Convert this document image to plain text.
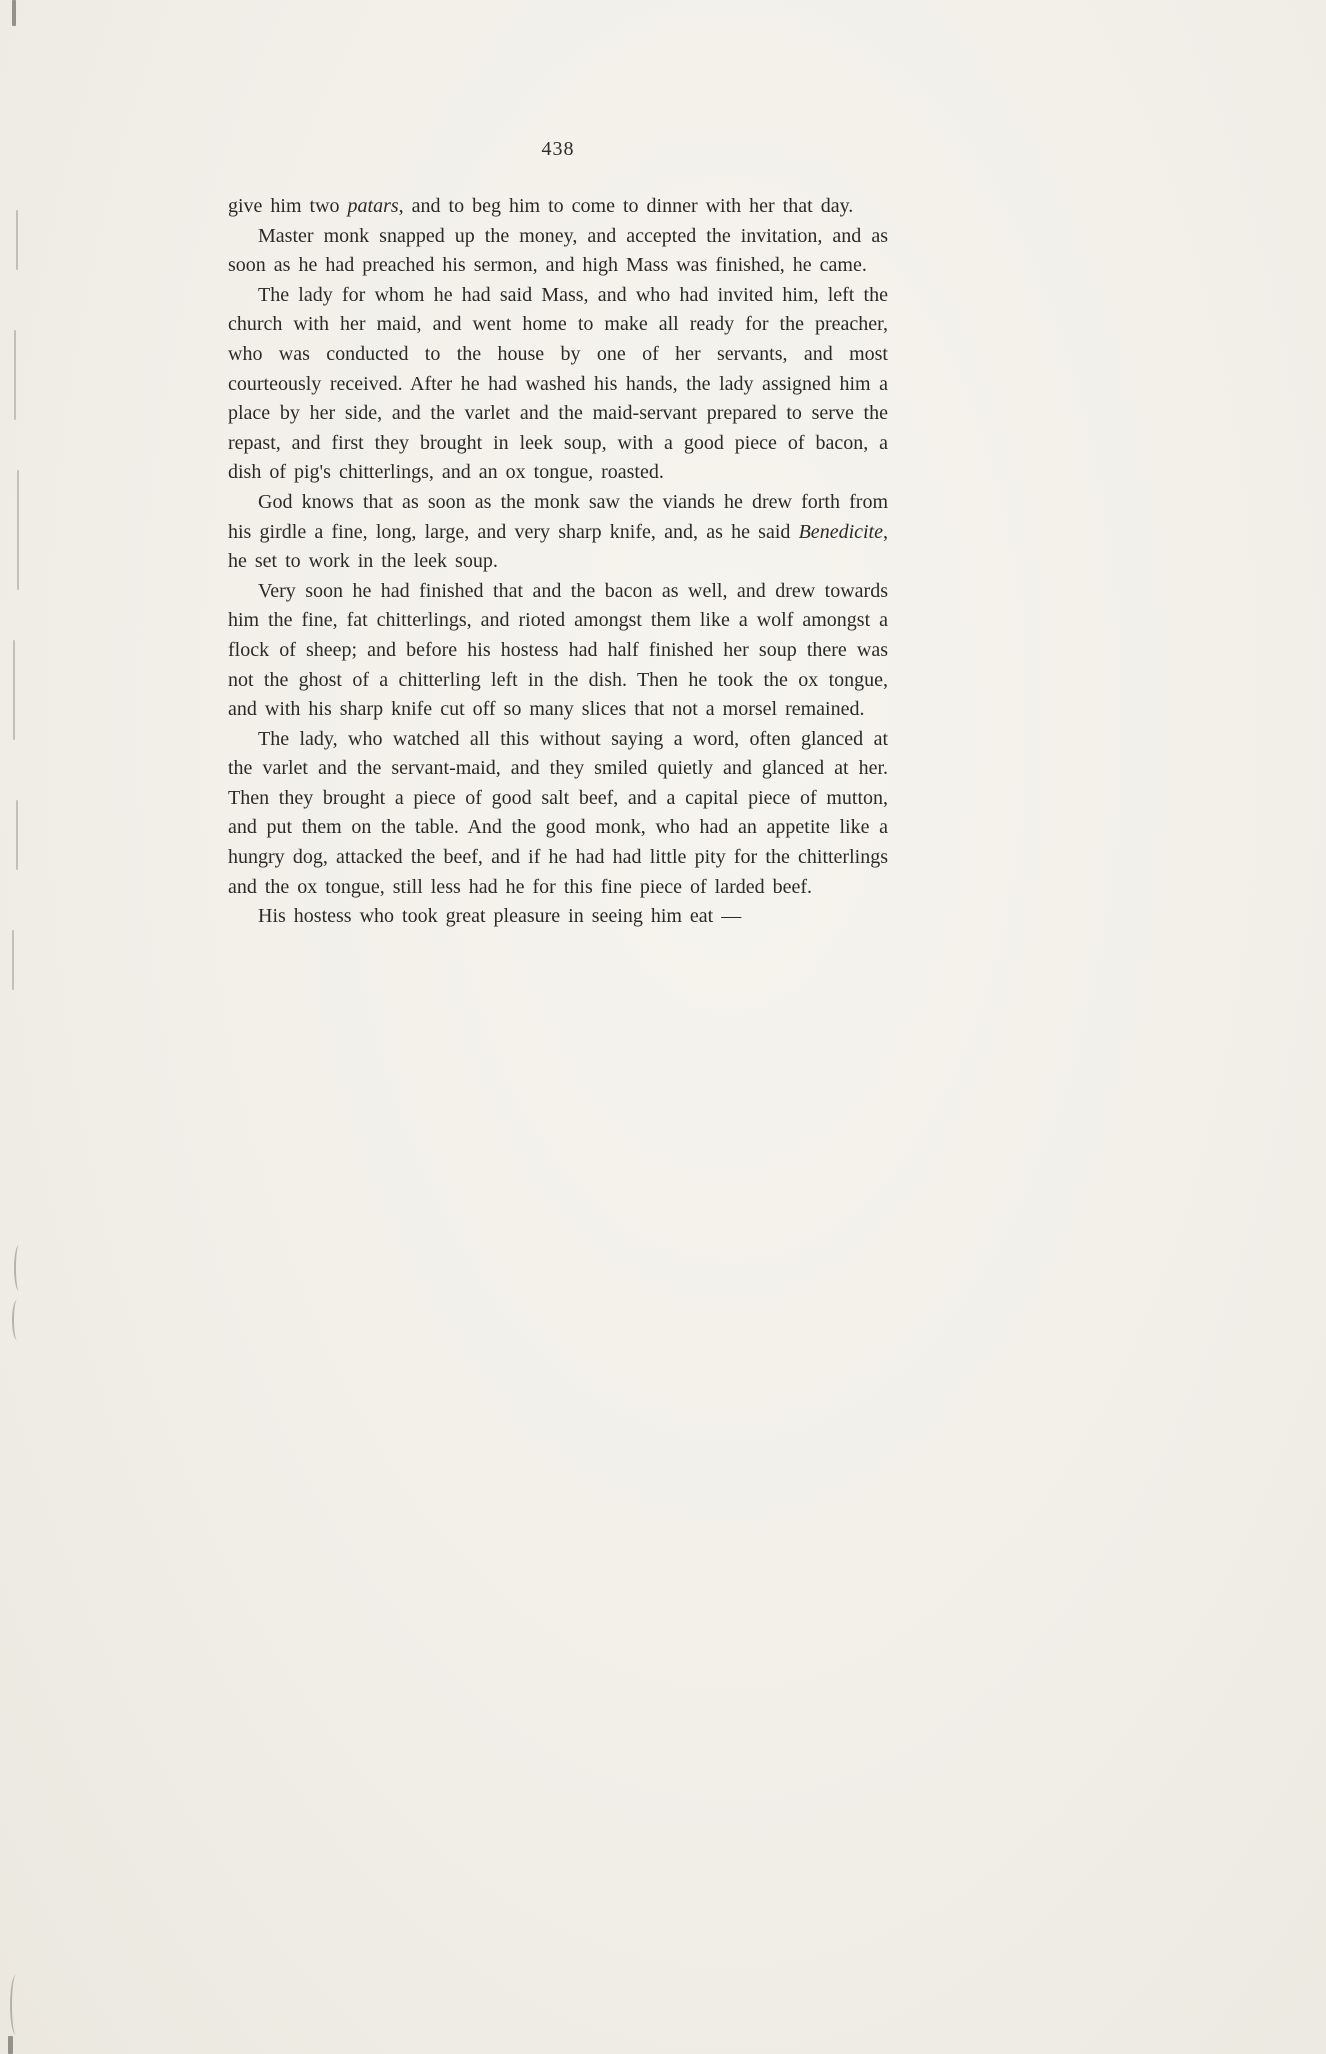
438

give him two patars, and to beg him to come to dinner with her that day.

Master monk snapped up the money, and accepted the invitation, and as soon as he had preached his sermon, and high Mass was finished, he came.

The lady for whom he had said Mass, and who had invited him, left the church with her maid, and went home to make all ready for the preacher, who was conducted to the house by one of her servants, and most courteously received. After he had washed his hands, the lady assigned him a place by her side, and the varlet and the maid-servant prepared to serve the repast, and first they brought in leek soup, with a good piece of bacon, a dish of pig's chitterlings, and an ox tongue, roasted.

God knows that as soon as the monk saw the viands he drew forth from his girdle a fine, long, large, and very sharp knife, and, as he said Benedicite, he set to work in the leek soup.

Very soon he had finished that and the bacon as well, and drew towards him the fine, fat chitterlings, and rioted amongst them like a wolf amongst a flock of sheep; and before his hostess had half finished her soup there was not the ghost of a chitterling left in the dish. Then he took the ox tongue, and with his sharp knife cut off so many slices that not a morsel remained.

The lady, who watched all this without saying a word, often glanced at the varlet and the servant-maid, and they smiled quietly and glanced at her. Then they brought a piece of good salt beef, and a capital piece of mutton, and put them on the table. And the good monk, who had an appetite like a hungry dog, attacked the beef, and if he had had little pity for the chitterlings and the ox tongue, still less had he for this fine piece of larded beef.

His hostess who took great pleasure in seeing him eat —
